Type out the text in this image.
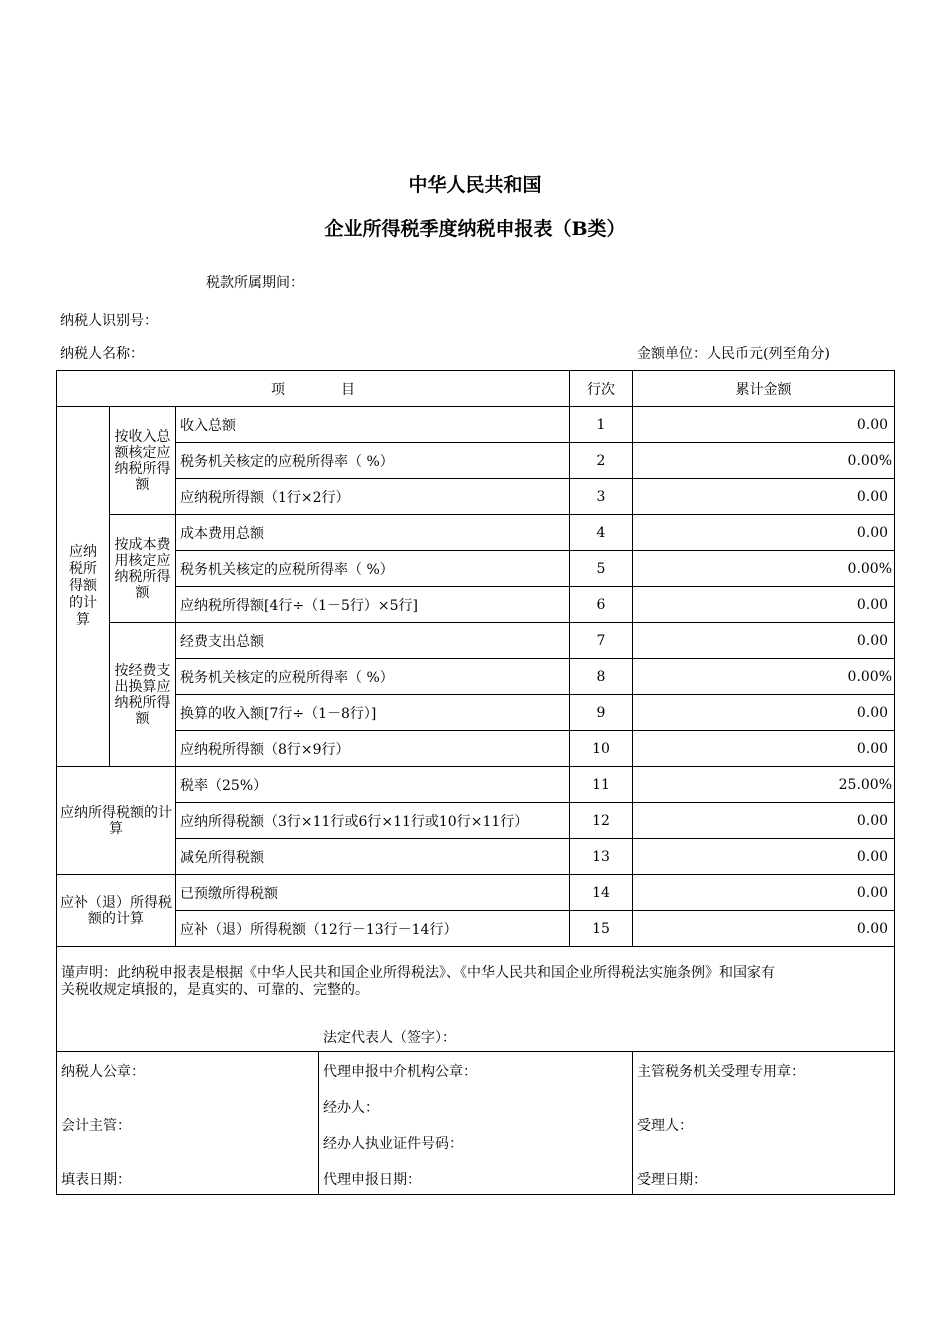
中华人民共和国
企业所得税季度纳税申报表（B类）
税款所属期间：
纳税人识别号：
纳税人名称：	金额单位：人民币元(列至角分)
项　　　　目			行次	累计金额
应纳税所得额的计算	按收入总额核定应纳税所得额	收入总额	1	0.00
		税务机关核定的应税所得率（ %）	2	0.00%
		应纳税所得额（1行×2行）	3	0.00
	按成本费用核定应纳税所得额	成本费用总额	4	0.00
		税务机关核定的应税所得率（ %）	5	0.00%
		应纳税所得额[4行÷（1－5行）×5行]	6	0.00
	按经费支出换算应纳税所得额	经费支出总额	7	0.00
		税务机关核定的应税所得率（ %）	8	0.00%
		换算的收入额[7行÷（1－8行）]	9	0.00
		应纳税所得额（8行×9行）	10	0.00
应纳所得税额的计算		税率（25%）	11	25.00%
		应纳所得税额（3行×11行或6行×11行或10行×11行）	12	0.00
		减免所得税额	13	0.00
应补（退）所得税额的计算		已预缴所得税额	14	0.00
		应补（退）所得税额（12行－13行－14行）	15	0.00

谨声明：此纳税申报表是根据《中华人民共和国企业所得税法》、《中华人民共和国企业所得税法实施条例》和国家有关税收规定填报的，是真实的、可靠的、完整的。
法定代表人（签字）：				
纳税人公章：
会计主管：
填表日期：

代理申报中介机构公章：
经办人：
经办人执业证件号码：
代理申报日期：

主管税务机关受理专用章：
受理人：
受理日期：
